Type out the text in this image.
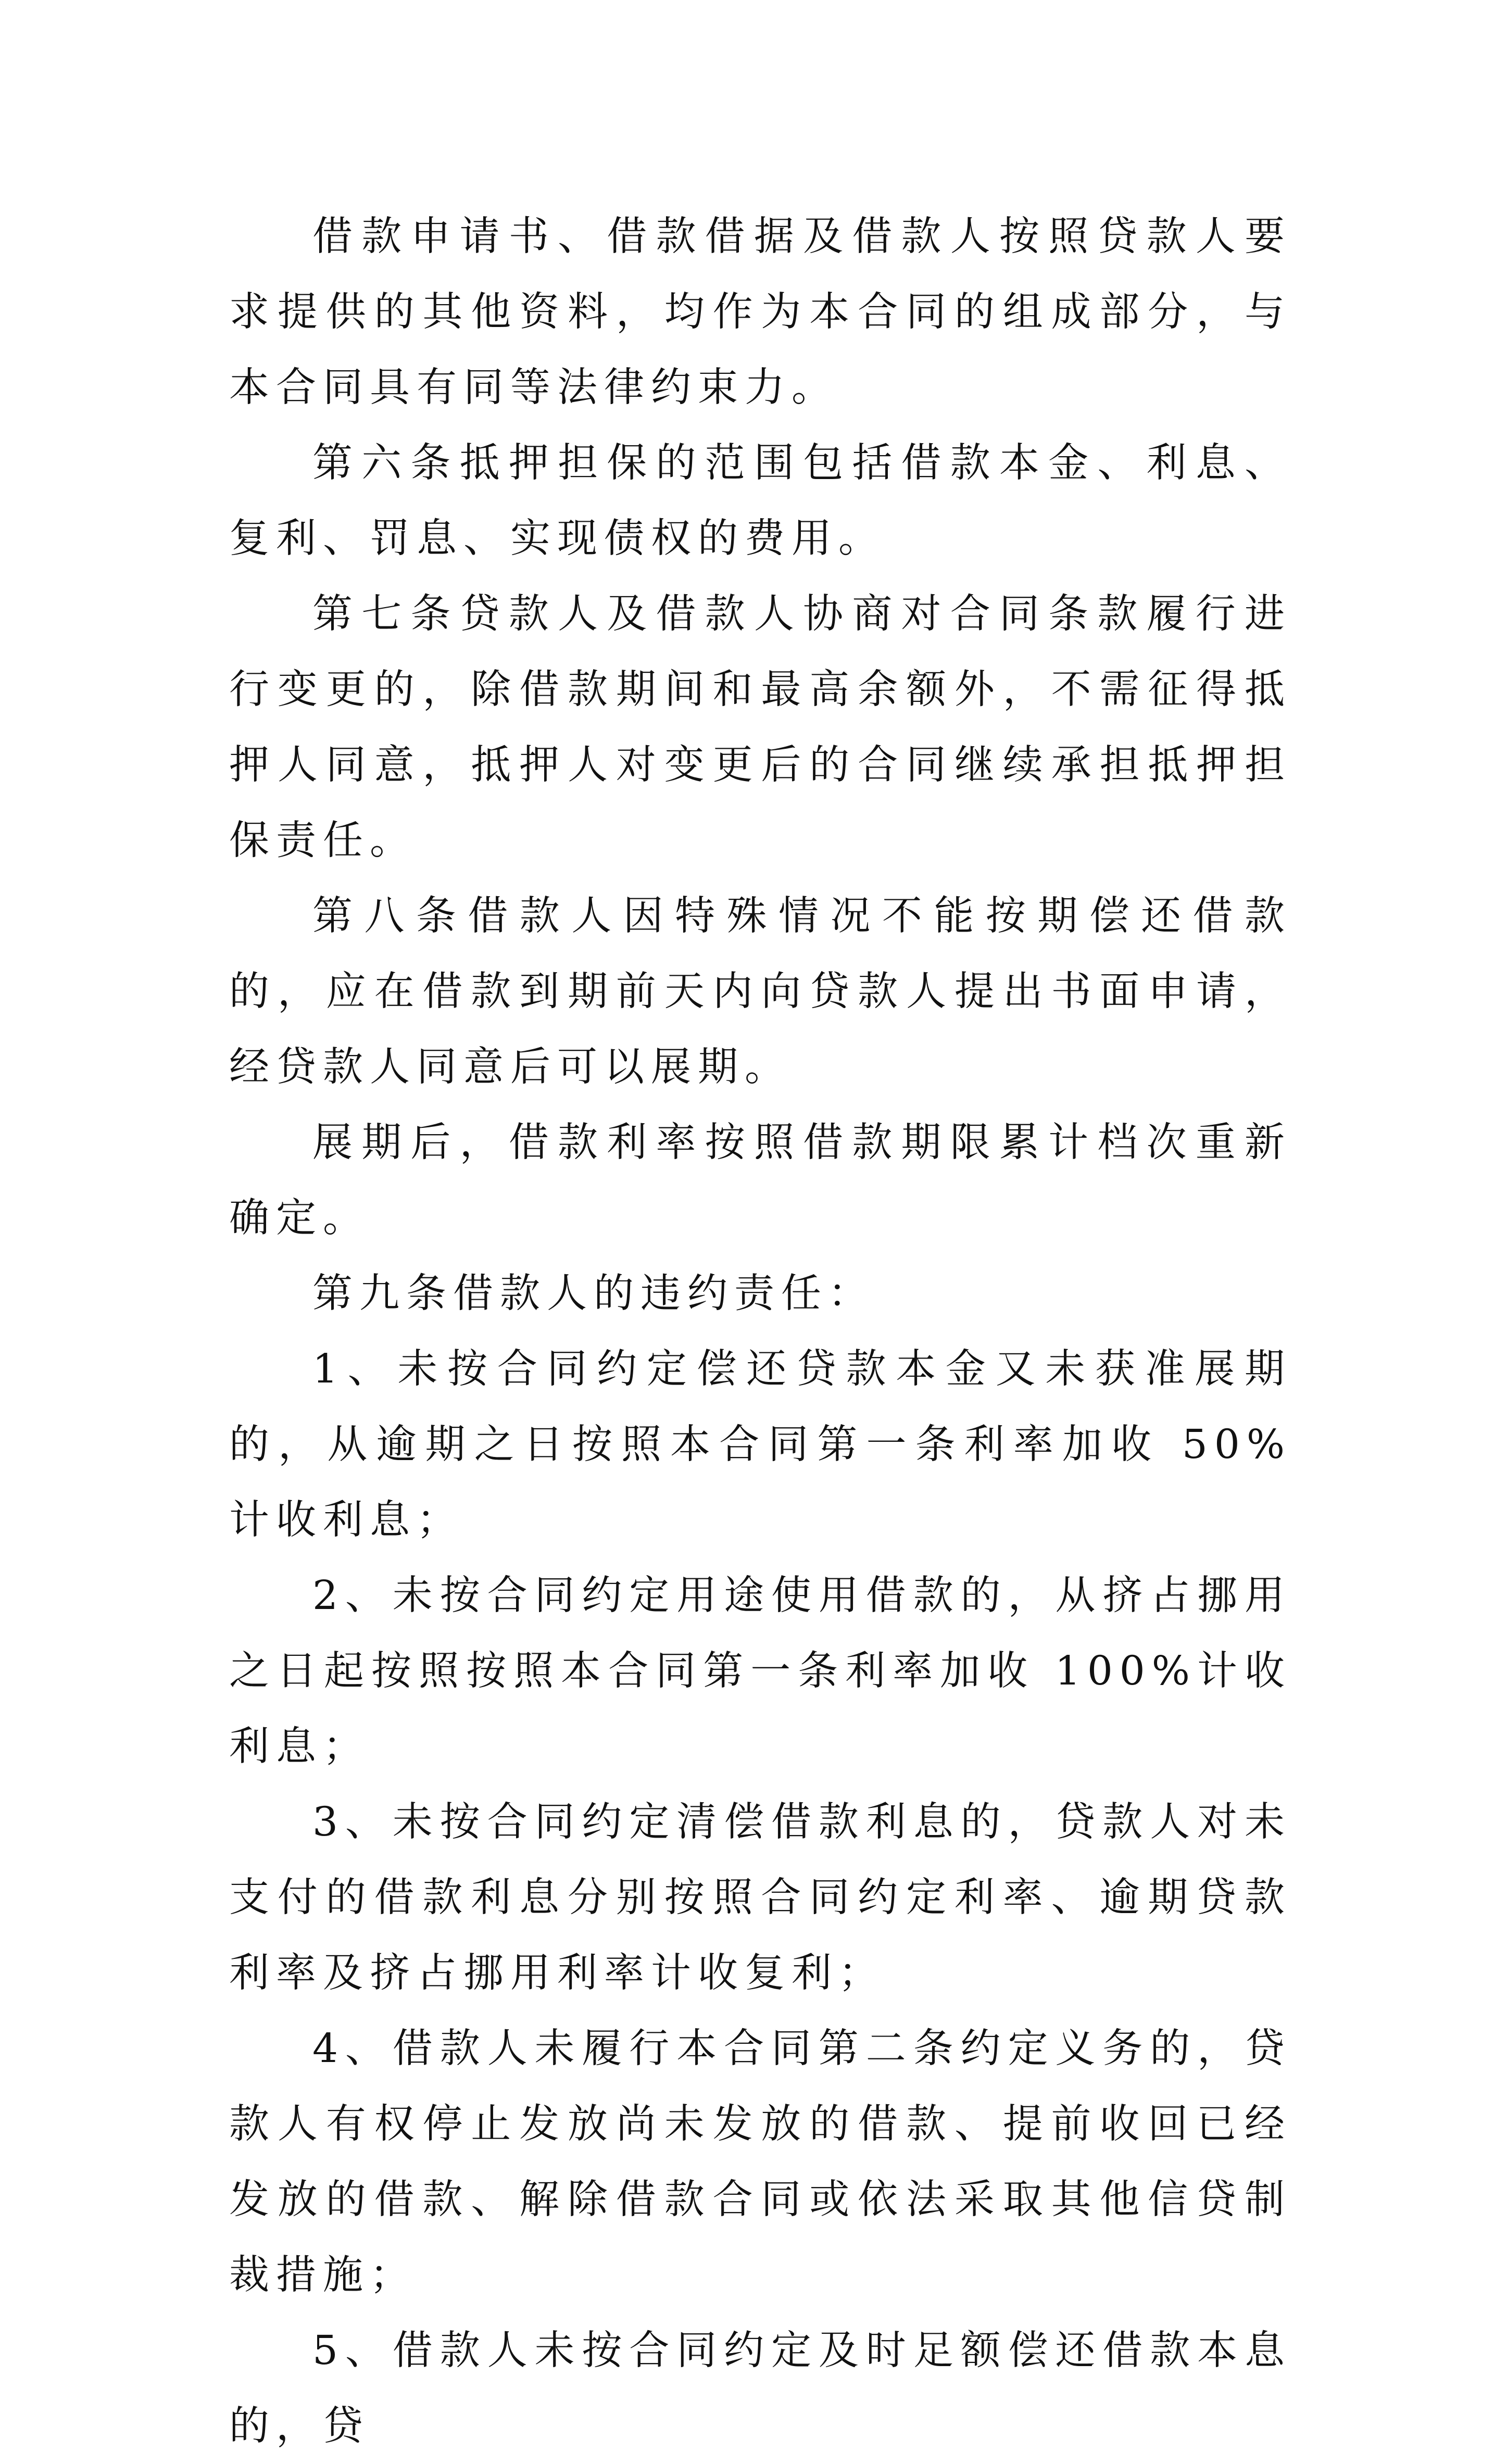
借款申请书、借款借据及借款人按照贷款人要求提供的其他资料，均作为本合同的组成部分，与本合同具有同等法律约束力。

第六条抵押担保的范围包括借款本金、利息、复利、罚息、实现债权的费用。

第七条贷款人及借款人协商对合同条款履行进行变更的，除借款期间和最高余额外，不需征得抵押人同意，抵押人对变更后的合同继续承担抵押担保责任。

第八条借款人因特殊情况不能按期偿还借款的，应在借款到期前天内向贷款人提出书面申请，经贷款人同意后可以展期。

展期后，借款利率按照借款期限累计档次重新确定。

第九条借款人的违约责任：

1、未按合同约定偿还贷款本金又未获准展期的，从逾期之日按照本合同第一条利率加收 50%计收利息；

2、未按合同约定用途使用借款的，从挤占挪用之日起按照按照本合同第一条利率加收 100%计收利息；

3、未按合同约定清偿借款利息的，贷款人对未支付的借款利息分别按照合同约定利率、逾期贷款利率及挤占挪用利率计收复利；

4、借款人未履行本合同第二条约定义务的，贷款人有权停止发放尚未发放的借款、提前收回已经发放的借款、解除借款合同或依法采取其他信贷制裁措施；

5、借款人未按合同约定及时足额偿还借款本息的，贷
